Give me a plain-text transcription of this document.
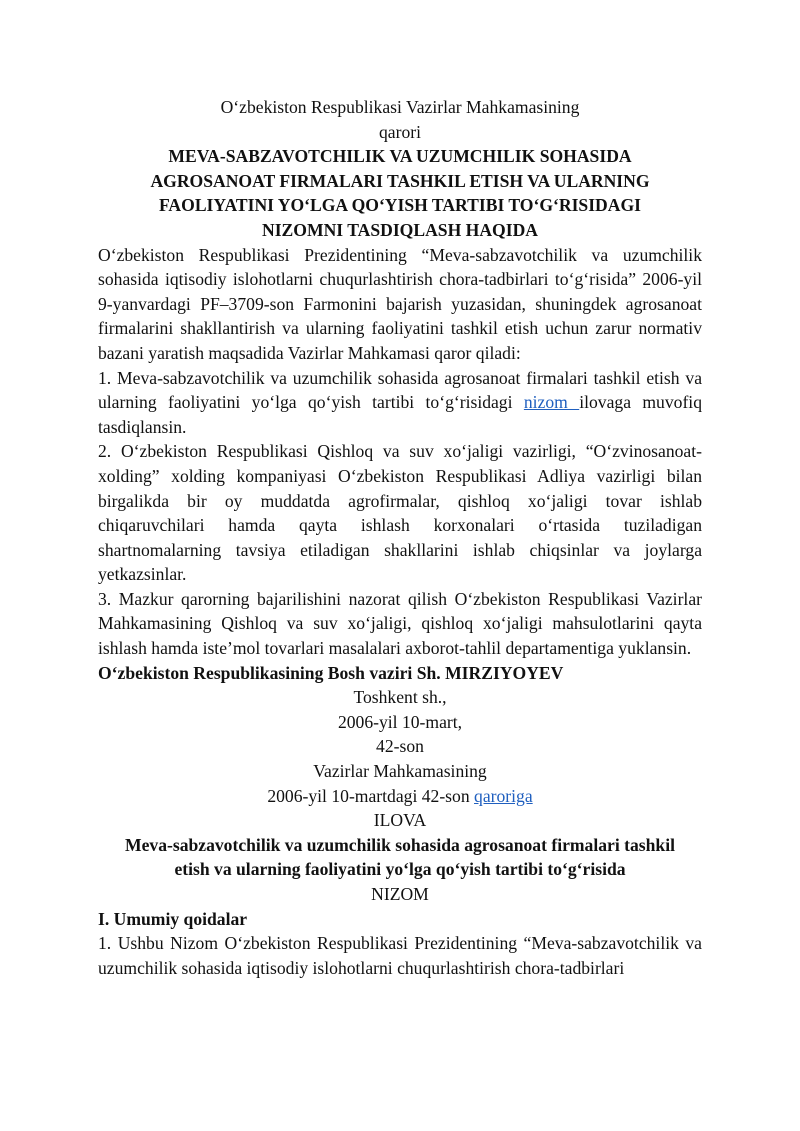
O‘zbekiston Respublikasi Vazirlar Mahkamasining

qarori

MEVA-SABZAVOTCHILIK VA UZUMCHILIK SOHASIDA

AGROSANOAT FIRMALARI TASHKIL ETISH VA ULARNING

FAOLIYATINI YO‘LGA QO‘YISH TARTIBI TO‘G‘RISIDAGI

NIZOMNI TASDIQLASH HAQIDA

O‘zbekiston Respublikasi Prezidentining “Meva-sabzavotchilik va uzumchilik sohasida iqtisodiy islohotlarni chuqurlashtirish chora-tadbirlari to‘g‘risida” 2006-yil 9-yanvardagi PF–3709-son Farmonini bajarish yuzasidan, shuningdek agrosanoat firmalarini shakllantirish va ularning faoliyatini tashkil etish uchun zarur normativ bazani yaratish maqsadida Vazirlar Mahkamasi qaror qiladi:

1. Meva-sabzavotchilik va uzumchilik sohasida agrosanoat firmalari tashkil etish va ularning faoliyatini yo‘lga qo‘yish tartibi to‘g‘risidagi nizom ilovaga muvofiq tasdiqlansin.

2. O‘zbekiston Respublikasi Qishloq va suv xo‘jaligi vazirligi, “O‘zvinosanoat-xolding” xolding kompaniyasi O‘zbekiston Respublikasi Adliya vazirligi bilan birgalikda bir oy muddatda agrofirmalar, qishloq xo‘jaligi tovar ishlab chiqaruvchilari hamda qayta ishlash korxonalari o‘rtasida tuziladigan shartnomalarning tavsiya etiladigan shakllarini ishlab chiqsinlar va joylarga yetkazsinlar.

3. Mazkur qarorning bajarilishini nazorat qilish O‘zbekiston Respublikasi Vazirlar Mahkamasining Qishloq va suv xo‘jaligi, qishloq xo‘jaligi mahsulotlarini qayta ishlash hamda iste’mol tovarlari masalalari axborot-tahlil departamentiga yuklansin.

O‘zbekiston Respublikasining Bosh vaziri Sh. MIRZIYOYEV

Toshkent sh.,

2006-yil 10-mart,

42-son

Vazirlar Mahkamasining

2006-yil 10-martdagi 42-son qaroriga

ILOVA

Meva-sabzavotchilik va uzumchilik sohasida agrosanoat firmalari tashkil

etish va ularning faoliyatini yo‘lga qo‘yish tartibi to‘g‘risida

NIZOM

I. Umumiy qoidalar

1. Ushbu Nizom O‘zbekiston Respublikasi Prezidentining “Meva-sabzavotchilik va uzumchilik sohasida iqtisodiy islohotlarni chuqurlashtirish chora-tadbirlari
